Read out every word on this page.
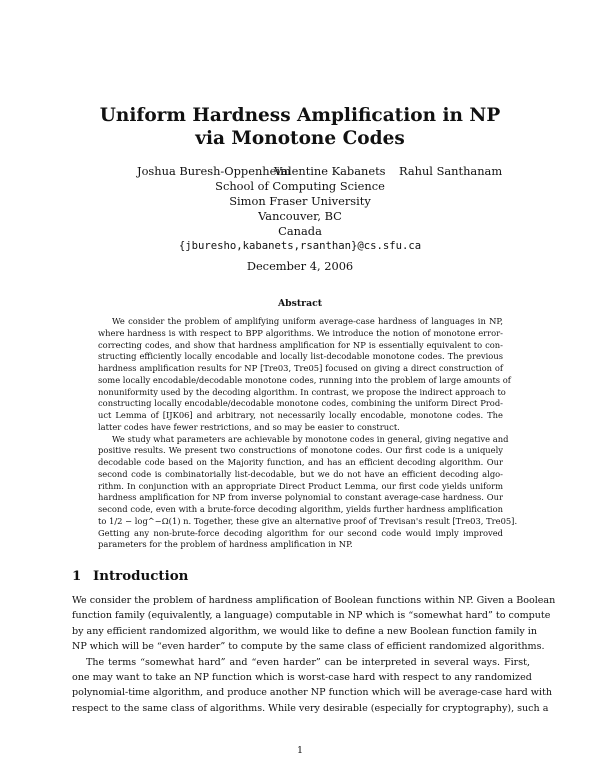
Uniform Hardness Amplification in NP
via Monotone Codes
Joshua Buresh-Oppenheim
Valentine Kabanets Rahul Santhanam
School of Computing Science
Simon Fraser University
Vancouver, BC
Canada
{jburesho,kabanets,rsanthan}@cs.sfu.ca
December 4, 2006
Abstract
We consider the problem of amplifying uniform average-case hardness of languages in NP,
where hardness is with respect to BPP algorithms. We introduce the notion of monotone error-
correcting codes, and show that hardness amplification for NP is essentially equivalent to con-
structing efficiently locally encodable and locally list-decodable monotone codes. The previous
hardness amplification results for NP [Tre03, Tre05] focused on giving a direct construction of
some locally encodable/decodable monotone codes, running into the problem of large amounts of
nonuniformity used by the decoding algorithm. In contrast, we propose the indirect approach to
constructing locally encodable/decodable monotone codes, combining the uniform Direct Prod-
uct Lemma of [IJK06] and arbitrary, not necessarily locally encodable, monotone codes. The
latter codes have fewer restrictions, and so may be easier to construct.
We study what parameters are achievable by monotone codes in general, giving negative and
positive results. We present two constructions of monotone codes. Our first code is a uniquely
decodable code based on the Majority function, and has an efficient decoding algorithm. Our
second code is combinatorially list-decodable, but we do not have an efficient decoding algo-
rithm. In conjunction with an appropriate Direct Product Lemma, our first code yields uniform
hardness amplification for NP from inverse polynomial to constant average-case hardness. Our
second code, even with a brute-force decoding algorithm, yields further hardness amplification
to 1/2 − log^−Ω(1) n. Together, these give an alternative proof of Trevisan's result [Tre03, Tre05].
Getting any non-brute-force decoding algorithm for our second code would imply improved
parameters for the problem of hardness amplification in NP.
1 Introduction
We consider the problem of hardness amplification of Boolean functions within NP. Given a Boolean
function family (equivalently, a language) computable in NP which is “somewhat hard” to compute
by any efficient randomized algorithm, we would like to define a new Boolean function family in
NP which will be “even harder” to compute by the same class of efficient randomized algorithms.
The terms “somewhat hard” and “even harder” can be interpreted in several ways. First,
one may want to take an NP function which is worst-case hard with respect to any randomized
polynomial-time algorithm, and produce another NP function which will be average-case hard with
respect to the same class of algorithms. While very desirable (especially for cryptography), such a
1
